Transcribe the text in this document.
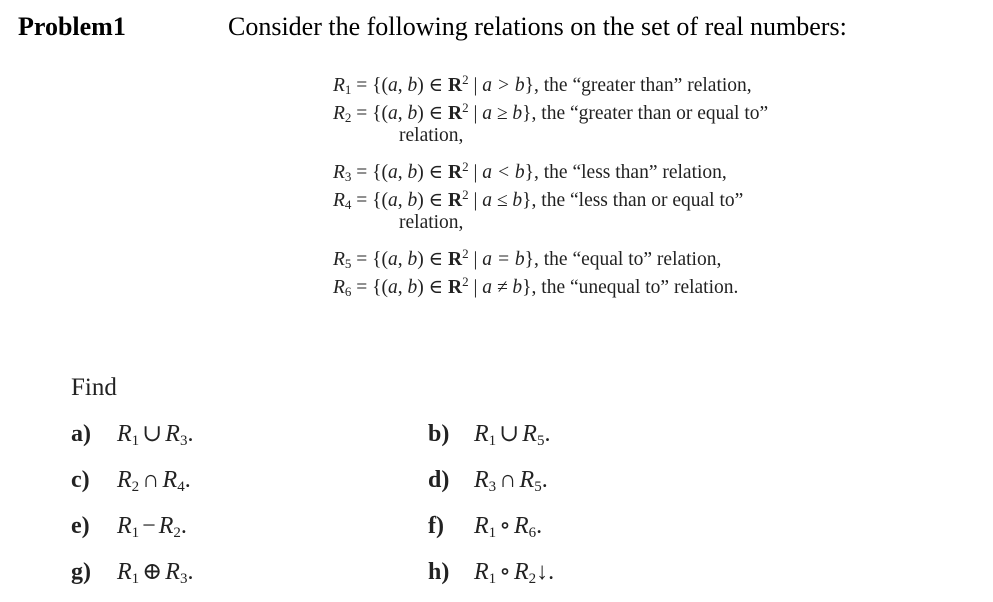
Problem1	Consider the following relations on the set of real numbers:
$R_1 = \{(a$, b) ∈ $R^2$ | a > b}, the “greater than” relation,
$R_2 = \{(a$, b) ∈ $R^2$ | a ≥ b}, the “greater than or equal to”
relation,
$R_3 = \{(a$, b) ∈ $R^2$ | a < b}, the “less than” relation,
$R_4 = \{(a$, b) ∈ $R^2$ | a ≤ b}, the “less than or equal to”
relation,
$R_5 = \{(a$, b) ∈ $R^2$ | a = b}, the “equal to” relation,
$R_6 = \{(a$, b) ∈ $R^2$ | a ≠ b}, the “unequal to” relation.
Find
a) $R_1$ ∪ $R_3$.
c) $R_2$ ∩ $R_4$.
e) $R_1 - R_2$.
g) $R_1$ ⊕ $R_3$.
b) $R_1$ ∪ $R_5$.
d) $R_3$ ∩ $R_5$.
f) $R_1$ ∘ $R_6$.
h) $R_1$ ∘ $R_2↓$.
